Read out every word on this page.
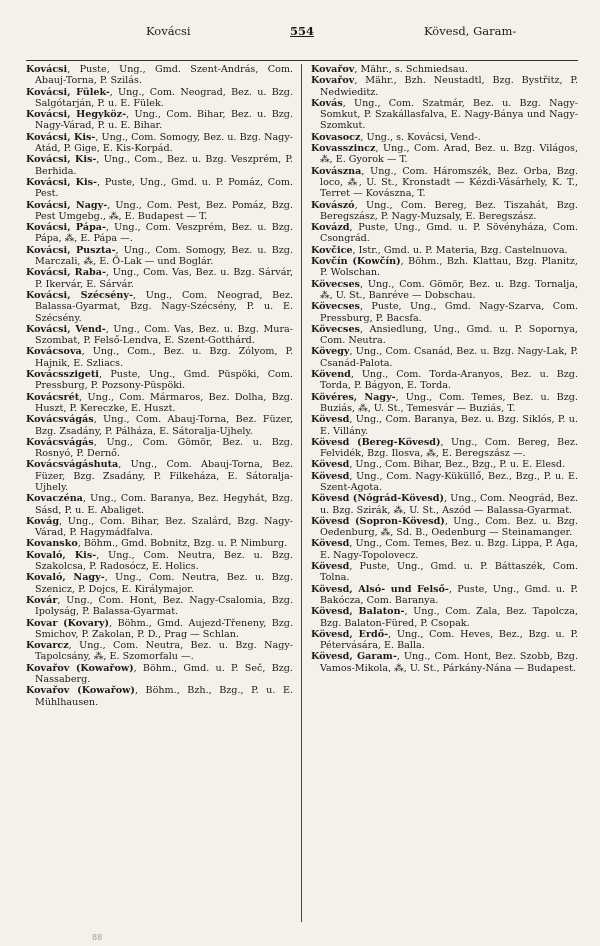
Kovácsi	554	Kövesd, Garam-

Kovácsi, Puste, Ung., Gmd. Szent-András, Com. Abauj-Torna, P. Szilás.

Kovácsi, Fülek-, Ung., Com. Neograd, Bez. u. Bzg. Salgótarján, P. u. E. Fülek.

Kovácsi, Hegyköz-, Ung., Com. Bihar, Bez. u. Bzg. Nagy-Várad, P. u. E. Bihar.

Kovácsi, Kis-, Ung., Com. Somogy, Bez. u. Bzg. Nagy-Atád, P. Gige, E. Kis-Korpád.

Kovácsi, Kis-, Ung., Com., Bez. u. Bzg. Veszprém, P. Berhida.

Kovácsi, Kis-, Puste, Ung., Gmd. u. P. Pomáz, Com. Pest.

Kovácsi, Nagy-, Ung., Com. Pest, Bez. Pomáz, Bzg. Pest Umgebg., ⁂, E. Budapest — T.

Kovácsi, Pápa-, Ung., Com. Veszprém, Bez. u. Bzg. Pápa, ⁂, E. Pápa —.

Kovácsi, Puszta-, Ung., Com. Somogy, Bez. u. Bzg. Marczali, ⁂, E. Ö-Lak — und Boglár.

Kovácsi, Raba-, Ung., Com. Vas, Bez. u. Bzg. Sárvár, P. Ikervár, E. Sárvár.

Kovácsi, Szécsény-, Ung., Com. Neograd, Bez. Balassa-Gyarmat, Bzg. Nagy-Szécsény, P. u. E. Szécsény.

Kovácsi, Vend-, Ung., Com. Vas, Bez. u. Bzg. Mura-Szombat, P. Felső-Lendva, E. Szent-Gotthárd.

Kovácsova, Ung., Com., Bez. u. Bzg. Zólyom, P. Hajnik, E. Szliacs.

Kovácsszigeti, Puste, Ung., Gmd. Püspöki, Com. Pressburg, P. Pozsony-Püspöki.

Kovácsrét, Ung., Com. Mármaros, Bez. Dolha, Bzg. Huszt, P. Kereczke, E. Huszt.

Kovácsvágás, Ung., Com. Abauj-Torna, Bez. Füzer, Bzg. Zsadány, P. Pálháza, E. Sátoralja-Ujhely.

Kovácsvágás, Ung., Com. Gömör, Bez. u. Bzg. Rosnyó, P. Dernő.

Kovácsvágáshuta, Ung., Com. Abauj-Torna, Bez. Füzer, Bzg. Zsadány, P. Filkeháza, E. Sátoralja-Ujhely.

Kovaczéna, Ung., Com. Baranya, Bez. Hegyhát, Bzg. Sásd, P. u. E. Abaliget.

Kovág, Ung., Com. Bihar, Bez. Szalárd, Bzg. Nagy-Várad, P. Hagymádfalva.

Kovansko, Böhm., Gmd. Bobnitz, Bzg. u. P. Nimburg.

Kovaló, Kis-, Ung., Com. Neutra, Bez. u. Bzg. Szakolcsa, P. Radosócz, E. Holics.

Kovaló, Nagy-, Ung., Com. Neutra, Bez. u. Bzg. Szenicz, P. Dojcs, E. Királymajor.

Kovár, Ung., Com. Hont, Bez. Nagy-Csalomia, Bzg. Ipolyság, P. Balassa-Gyarmat.

Kovar (Kovary), Böhm., Gmd. Aujezd-Třeneny, Bzg. Smichov, P. Zakolan, P. D., Prag — Schlan.

Kovarcz, Ung., Com. Neutra, Bez. u. Bzg. Nagy-Tapolcsány, ⁂, E. Szomorfalu —.

Kovařov (Kowařow), Böhm., Gmd. u. P. Seč, Bzg. Nassaberg.

Kovařov (Kowařow), Böhm., Bzh., Bzg., P. u. E. Mühlhausen.

Kovařov, Mähr., s. Schmiedsau.

Kovařov, Mähr., Bzh. Neustadtl, Bzg. Bystřitz, P. Nedwieditz.

Kovás, Ung., Com. Szatmár, Bez. u. Bzg. Nagy-Somkut, P. Szakállasfalva, E. Nagy-Bánya und Nagy-Szomkut.

Kovasocz, Ung., s. Kovácsi, Vend-.

Kovasszincz, Ung., Com. Arad, Bez. u. Bzg. Világos, ⁂, E. Gyorok — T.

Kovászna, Ung., Com. Háromszék, Bez. Orba, Bzg. loco, ⁂, U. St., Kronstadt — Kézdi-Vásárhely, K. T., Terret — Kovászna, T.

Kovászó, Ung., Com. Bereg, Bez. Tiszahát, Bzg. Beregszász, P. Nagy-Muzsaly, E. Beregszász.

Kovázd, Puste, Ung., Gmd. u. P. Sövényháza, Com. Csongrád.

Kovčice, Istr., Gmd. u. P. Materia, Bzg. Castelnuova.

Kovčín (Kowčín), Böhm., Bzh. Klattau, Bzg. Planitz, P. Wolschan.

Kövecses, Ung., Com. Gömör, Bez. u. Bzg. Tornalja, ⁂, U. St., Banréve — Dobschau.

Kövecses, Puste, Ung., Gmd. Nagy-Szarva, Com. Pressburg, P. Bacsfa.

Kövecses, Ansiedlung, Ung., Gmd. u. P. Sopornya, Com. Neutra.

Kövegy, Ung., Com. Csanád, Bez. u. Bzg. Nagy-Lak, P. Csanád-Palota.

Kövend, Ung., Com. Torda-Aranyos, Bez. u. Bzg. Torda, P. Bágyon, E. Torda.

Kövéres, Nagy-, Ung., Com. Temes, Bez. u. Bzg. Buziás, ⁂, U. St., Temesvár — Buziás, T.

Kövesd, Ung., Com. Baranya, Bez. u. Bzg. Siklós, P. u. E. Villány.

Kövesd (Bereg-Kövesd), Ung., Com. Bereg, Bez. Felvidék, Bzg. Ilosva, ⁂, E. Beregszász —.

Kövesd, Ung., Com. Bihar, Bez., Bzg., P. u. E. Elesd.

Kövesd, Ung., Com. Nagy-Küküllő, Bez., Bzg., P. u. E. Szent-Agota.

Kövesd (Nógrád-Kövesd), Ung., Com. Neográd, Bez. u. Bzg. Szirák, ⁂, U. St., Aszód — Balassa-Gyarmat.

Kövesd (Sopron-Kövesd), Ung., Com. Bez. u. Bzg. Oedenburg, ⁂, Sd. B., Oedenburg — Steinamanger.

Kövesd, Ung., Com. Temes, Bez. u. Bzg. Lippa, P. Aga, E. Nagy-Topolovecz.

Kövesd, Puste, Ung., Gmd. u. P. Báttaszék, Com. Tolna.

Kövesd, Alsó- und Felső-, Puste, Ung., Gmd. u. P. Bakócza, Com. Baranya.

Kövesd, Balaton-, Ung., Com. Zala, Bez. Tapolcza, Bzg. Balaton-Füred, P. Csopak.

Kövesd, Erdő-, Ung., Com. Heves, Bez., Bzg. u. P. Pétervására, E. Balla.

Kövesd, Garam-, Ung., Com. Hont, Bez. Szobb, Bzg. Vamos-Mikola, ⁂, U. St., Párkány-Nána — Budapest.

88
